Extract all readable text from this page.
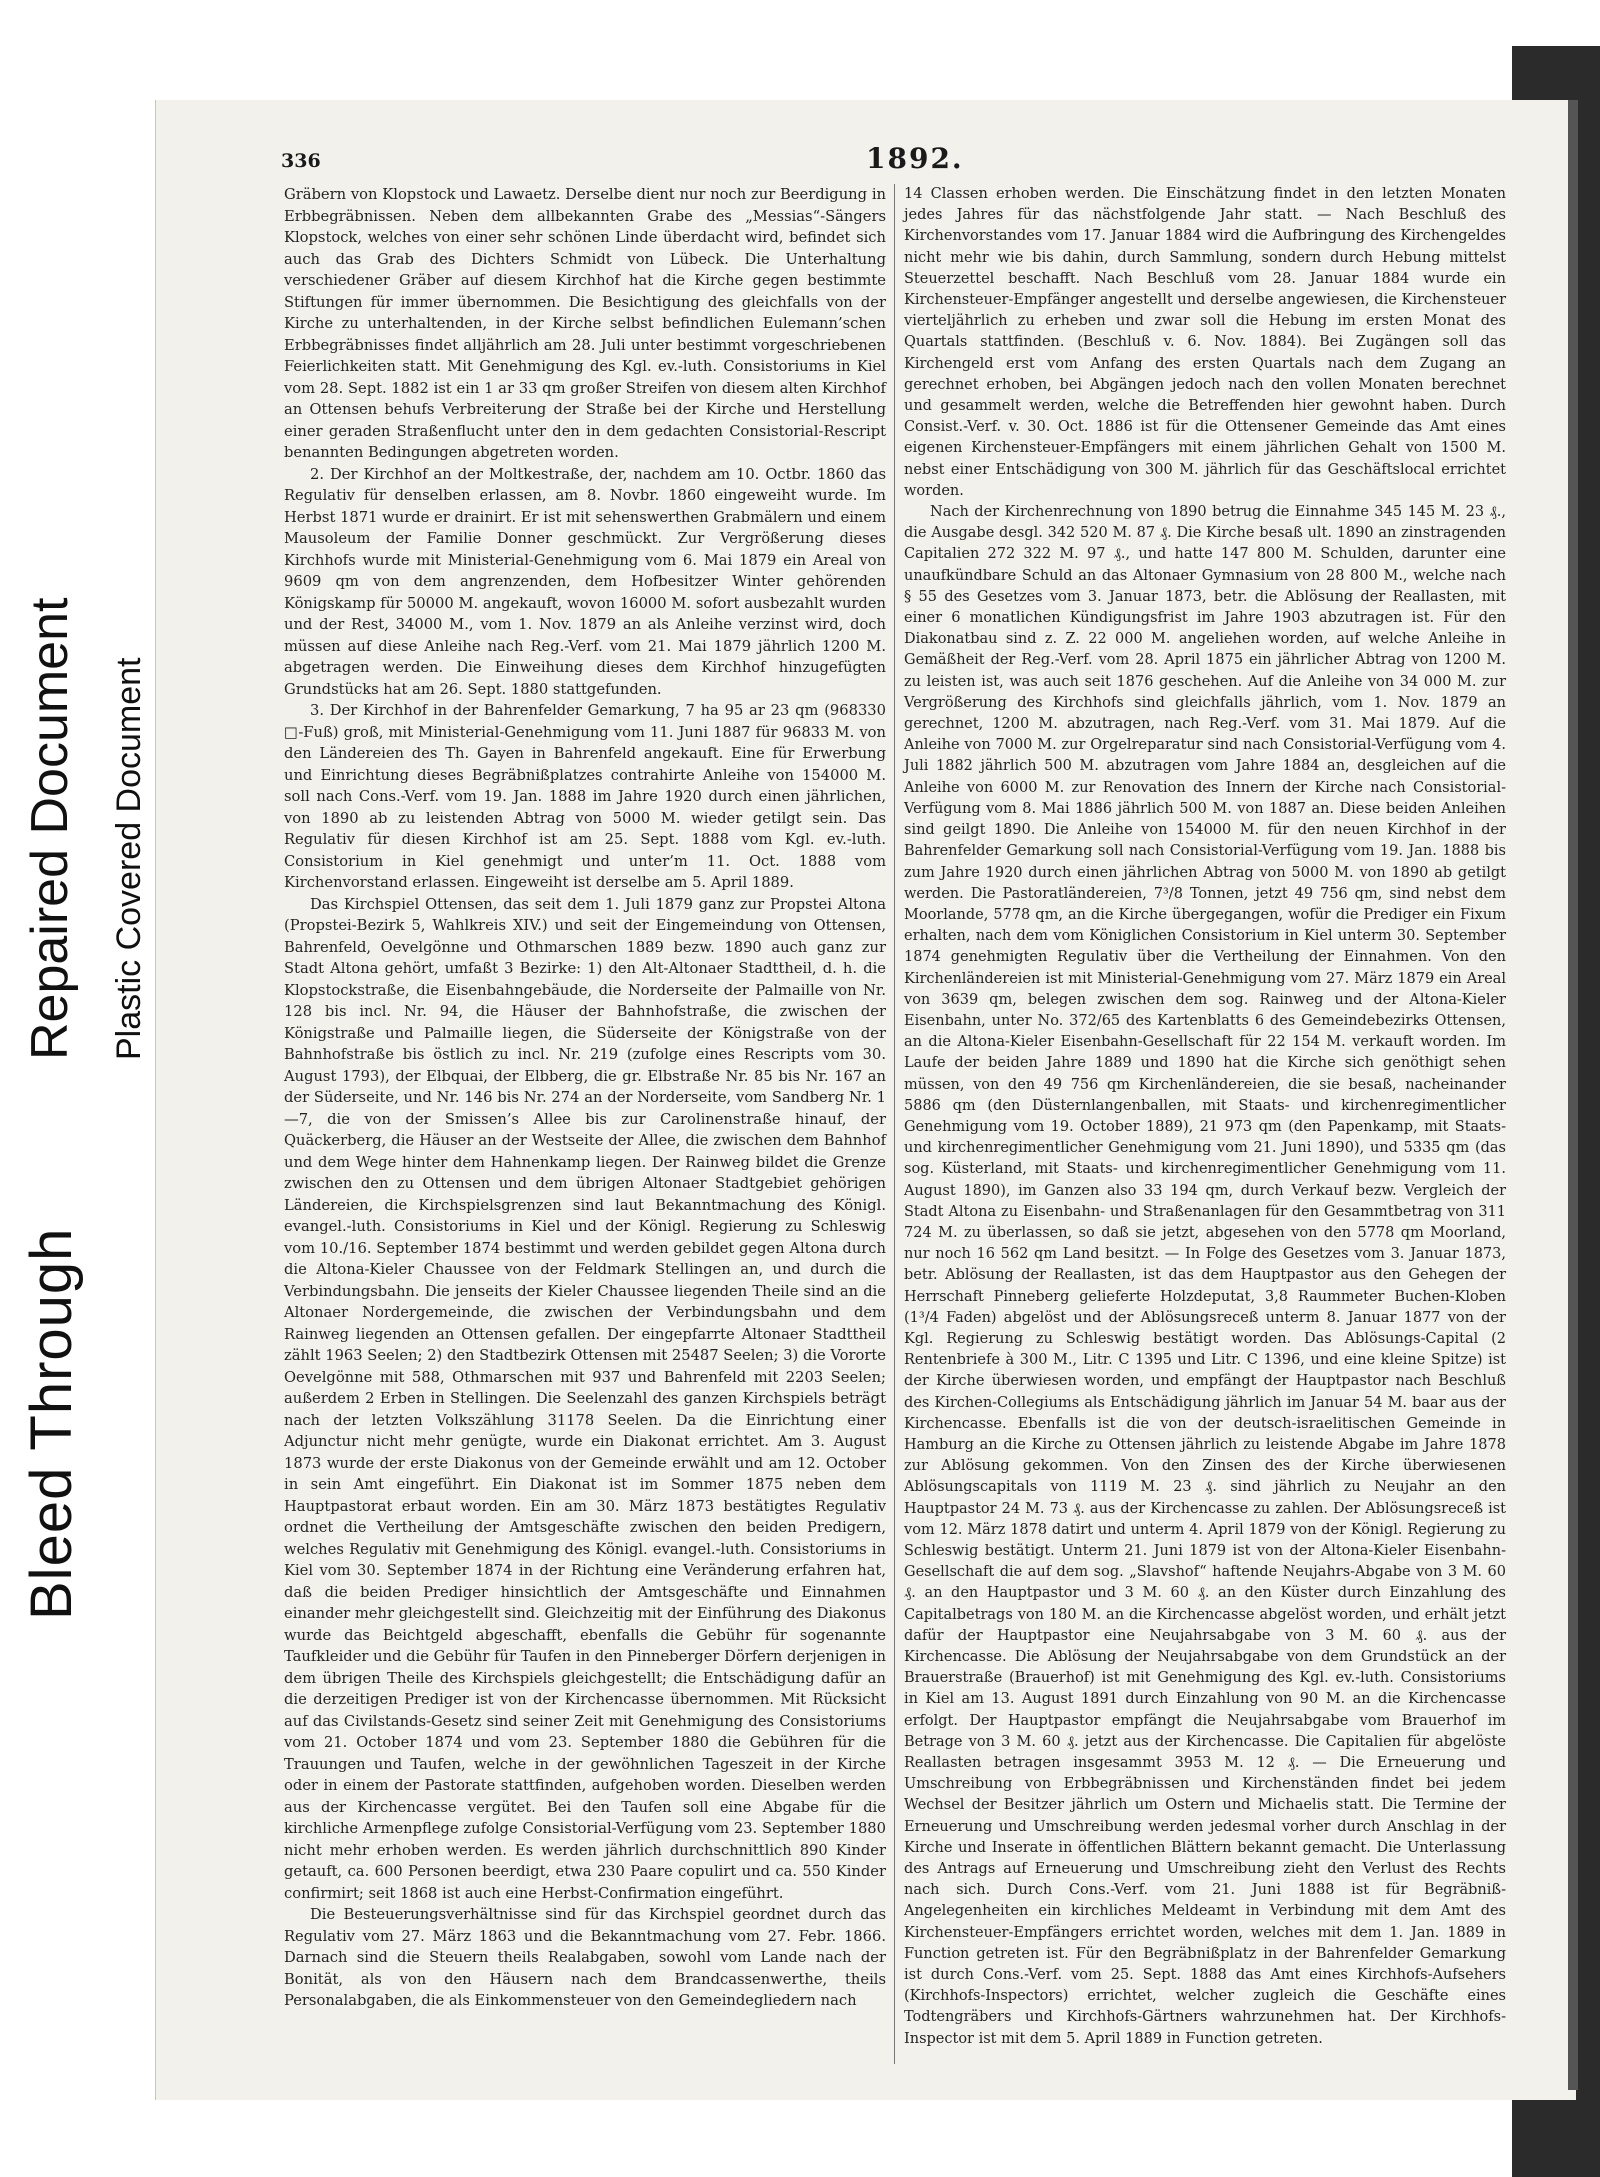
Bleed Through
Repaired Document Plastic Covered Document
336	1892.

Gräbern von Klopstock und Lawaetz. Derselbe dient nur noch zur Beerdigung in Erbbegräbnissen. Neben dem allbekannten Grabe des „Messias“-Sängers Klopstock, welches von einer sehr schönen Linde überdacht wird, befindet sich auch das Grab des Dichters Schmidt von Lübeck. Die Unterhaltung verschiedener Gräber auf diesem Kirchhof hat die Kirche gegen bestimmte Stiftungen für immer übernommen. Die Besichtigung des gleichfalls von der Kirche zu unterhaltenden, in der Kirche selbst befindlichen Eulemann’schen Erbbegräbnisses findet alljährlich am 28. Juli unter bestimmt vorgeschriebenen Feierlichkeiten statt. Mit Genehmigung des Kgl. ev.-luth. Consistoriums in Kiel vom 28. Sept. 1882 ist ein 1 ar 33 qm großer Streifen von diesem alten Kirchhof an Ottensen behufs Verbreiterung der Straße bei der Kirche und Herstellung einer geraden Straßenflucht unter den in dem gedachten Consistorial-Rescript benannten Bedingungen abgetreten worden.

2. Der Kirchhof an der Moltkestraße, der, nachdem am 10. Octbr. 1860 das Regulativ für denselben erlassen, am 8. Novbr. 1860 eingeweiht wurde. Im Herbst 1871 wurde er drainirt. Er ist mit sehenswerthen Grabmälern und einem Mausoleum der Familie Donner geschmückt. Zur Vergrößerung dieses Kirchhofs wurde mit Ministerial-Genehmigung vom 6. Mai 1879 ein Areal von 9609 qm von dem angrenzenden, dem Hofbesitzer Winter gehörenden Königskamp für 50000 M. angekauft, wovon 16000 M. sofort ausbezahlt wurden und der Rest, 34000 M., vom 1. Nov. 1879 an als Anleihe verzinst wird, doch müssen auf diese Anleihe nach Reg.-Verf. vom 21. Mai 1879 jährlich 1200 M. abgetragen werden. Die Einweihung dieses dem Kirchhof hinzugefügten Grundstücks hat am 26. Sept. 1880 stattgefunden.

3. Der Kirchhof in der Bahrenfelder Gemarkung, 7 ha 95 ar 23 qm (968330 □-Fuß) groß, mit Ministerial-Genehmigung vom 11. Juni 1887 für 96833 M. von den Ländereien des Th. Gayen in Bahrenfeld angekauft. Eine für Erwerbung und Einrichtung dieses Begräbnißplatzes contrahirte Anleihe von 154000 M. soll nach Cons.-Verf. vom 19. Jan. 1888 im Jahre 1920 durch einen jährlichen, von 1890 ab zu leistenden Abtrag von 5000 M. wieder getilgt sein. Das Regulativ für diesen Kirchhof ist am 25. Sept. 1888 vom Kgl. ev.-luth. Consistorium in Kiel genehmigt und unter’m 11. Oct. 1888 vom Kirchenvorstand erlassen. Eingeweiht ist derselbe am 5. April 1889.

Das Kirchspiel Ottensen, das seit dem 1. Juli 1879 ganz zur Propstei Altona (Propstei-Bezirk 5, Wahlkreis XIV.) und seit der Eingemeindung von Ottensen, Bahrenfeld, Oevelgönne und Othmarschen 1889 bezw. 1890 auch ganz zur Stadt Altona gehört, umfaßt 3 Bezirke: 1) den Alt-Altonaer Stadttheil, d. h. die Klopstockstraße, die Eisenbahngebäude, die Norderseite der Palmaille von Nr. 128 bis incl. Nr. 94, die Häuser der Bahnhofstraße, die zwischen der Königstraße und Palmaille liegen, die Süderseite der Königstraße von der Bahnhofstraße bis östlich zu incl. Nr. 219 (zufolge eines Rescripts vom 30. August 1793), der Elbquai, der Elbberg, die gr. Elbstraße Nr. 85 bis Nr. 167 an der Süderseite, und Nr. 146 bis Nr. 274 an der Norderseite, vom Sandberg Nr. 1—7, die von der Smissen’s Allee bis zur Carolinenstraße hinauf, der Quäckerberg, die Häuser an der Westseite der Allee, die zwischen dem Bahnhof und dem Wege hinter dem Hahnenkamp liegen. Der Rainweg bildet die Grenze zwischen den zu Ottensen und dem übrigen Altonaer Stadtgebiet gehörigen Ländereien, die Kirchspielsgrenzen sind laut Bekanntmachung des Königl. evangel.-luth. Consistoriums in Kiel und der Königl. Regierung zu Schleswig vom 10./16. September 1874 bestimmt und werden gebildet gegen Altona durch die Altona-Kieler Chaussee von der Feldmark Stellingen an, und durch die Verbindungsbahn. Die jenseits der Kieler Chaussee liegenden Theile sind an die Altonaer Nordergemeinde, die zwischen der Verbindungsbahn und dem Rainweg liegenden an Ottensen gefallen. Der eingepfarrte Altonaer Stadttheil zählt 1963 Seelen; 2) den Stadtbezirk Ottensen mit 25487 Seelen; 3) die Vororte Oevelgönne mit 588, Othmarschen mit 937 und Bahrenfeld mit 2203 Seelen; außerdem 2 Erben in Stellingen. Die Seelenzahl des ganzen Kirchspiels beträgt nach der letzten Volkszählung 31178 Seelen. Da die Einrichtung einer Adjunctur nicht mehr genügte, wurde ein Diakonat errichtet. Am 3. August 1873 wurde der erste Diakonus von der Gemeinde erwählt und am 12. October in sein Amt eingeführt. Ein Diakonat ist im Sommer 1875 neben dem Hauptpastorat erbaut worden. Ein am 30. März 1873 bestätigtes Regulativ ordnet die Vertheilung der Amtsgeschäfte zwischen den beiden Predigern, welches Regulativ mit Genehmigung des Königl. evangel.-luth. Consistoriums in Kiel vom 30. September 1874 in der Richtung eine Veränderung erfahren hat, daß die beiden Prediger hinsichtlich der Amtsgeschäfte und Einnahmen einander mehr gleichgestellt sind. Gleichzeitig mit der Einführung des Diakonus wurde das Beichtgeld abgeschafft, ebenfalls die Gebühr für sogenannte Taufkleider und die Gebühr für Taufen in den Pinneberger Dörfern derjenigen in dem übrigen Theile des Kirchspiels gleichgestellt; die Entschädigung dafür an die derzeitigen Prediger ist von der Kirchencasse übernommen. Mit Rücksicht auf das Civilstands-Gesetz sind seiner Zeit mit Genehmigung des Consistoriums vom 21. October 1874 und vom 23. September 1880 die Gebühren für die Trauungen und Taufen, welche in der gewöhnlichen Tageszeit in der Kirche oder in einem der Pastorate stattfinden, aufgehoben worden. Dieselben werden aus der Kirchencasse vergütet. Bei den Taufen soll eine Abgabe für die kirchliche Armenpflege zufolge Consistorial-Verfügung vom 23. September 1880 nicht mehr erhoben werden. Es werden jährlich durchschnittlich 890 Kinder getauft, ca. 600 Personen beerdigt, etwa 230 Paare copulirt und ca. 550 Kinder confirmirt; seit 1868 ist auch eine Herbst-Confirmation eingeführt.

Die Besteuerungsverhältnisse sind für das Kirchspiel geordnet durch das Regulativ vom 27. März 1863 und die Bekanntmachung vom 27. Febr. 1866. Darnach sind die Steuern theils Realabgaben, sowohl vom Lande nach der Bonität, als von den Häusern nach dem Brandcassenwerthe, theils Personalabgaben, die als Einkommensteuer von den Gemeindegliedern nach

14 Classen erhoben werden. Die Einschätzung findet in den letzten Monaten jedes Jahres für das nächstfolgende Jahr statt. — Nach Beschluß des Kirchenvorstandes vom 17. Januar 1884 wird die Aufbringung des Kirchengeldes nicht mehr wie bis dahin, durch Sammlung, sondern durch Hebung mittelst Steuerzettel beschafft. Nach Beschluß vom 28. Januar 1884 wurde ein Kirchensteuer-Empfänger angestellt und derselbe angewiesen, die Kirchensteuer vierteljährlich zu erheben und zwar soll die Hebung im ersten Monat des Quartals stattfinden. (Beschluß v. 6. Nov. 1884). Bei Zugängen soll das Kirchengeld erst vom Anfang des ersten Quartals nach dem Zugang an gerechnet erhoben, bei Abgängen jedoch nach den vollen Monaten berechnet und gesammelt werden, welche die Betreffenden hier gewohnt haben. Durch Consist.-Verf. v. 30. Oct. 1886 ist für die Ottensener Gemeinde das Amt eines eigenen Kirchensteuer-Empfängers mit einem jährlichen Gehalt von 1500 M. nebst einer Entschädigung von 300 M. jährlich für das Geschäftslocal errichtet worden.

Nach der Kirchenrechnung von 1890 betrug die Einnahme 345 145 M. 23 ₰., die Ausgabe desgl. 342 520 M. 87 ₰. Die Kirche besaß ult. 1890 an zinstragenden Capitalien 272 322 M. 97 ₰., und hatte 147 800 M. Schulden, darunter eine unaufkündbare Schuld an das Altonaer Gymnasium von 28 800 M., welche nach § 55 des Gesetzes vom 3. Januar 1873, betr. die Ablösung der Reallasten, mit einer 6 monatlichen Kündigungsfrist im Jahre 1903 abzutragen ist. Für den Diakonatbau sind z. Z. 22 000 M. angeliehen worden, auf welche Anleihe in Gemäßheit der Reg.-Verf. vom 28. April 1875 ein jährlicher Abtrag von 1200 M. zu leisten ist, was auch seit 1876 geschehen. Auf die Anleihe von 34 000 M. zur Vergrößerung des Kirchhofs sind gleichfalls jährlich, vom 1. Nov. 1879 an gerechnet, 1200 M. abzutragen, nach Reg.-Verf. vom 31. Mai 1879. Auf die Anleihe von 7000 M. zur Orgelreparatur sind nach Consistorial-Verfügung vom 4. Juli 1882 jährlich 500 M. abzutragen vom Jahre 1884 an, desgleichen auf die Anleihe von 6000 M. zur Renovation des Innern der Kirche nach Consistorial-Verfügung vom 8. Mai 1886 jährlich 500 M. von 1887 an. Diese beiden Anleihen sind geilgt 1890. Die Anleihe von 154000 M. für den neuen Kirchhof in der Bahrenfelder Gemarkung soll nach Consistorial-Verfügung vom 19. Jan. 1888 bis zum Jahre 1920 durch einen jährlichen Abtrag von 5000 M. von 1890 ab getilgt werden. Die Pastoratländereien, 7³/8 Tonnen, jetzt 49 756 qm, sind nebst dem Moorlande, 5778 qm, an die Kirche übergegangen, wofür die Prediger ein Fixum erhalten, nach dem vom Königlichen Consistorium in Kiel unterm 30. September 1874 genehmigten Regulativ über die Vertheilung der Einnahmen. Von den Kirchenländereien ist mit Ministerial-Genehmigung vom 27. März 1879 ein Areal von 3639 qm, belegen zwischen dem sog. Rainweg und der Altona-Kieler Eisenbahn, unter No. 372/65 des Kartenblatts 6 des Gemeindebezirks Ottensen, an die Altona-Kieler Eisenbahn-Gesellschaft für 22 154 M. verkauft worden. Im Laufe der beiden Jahre 1889 und 1890 hat die Kirche sich genöthigt sehen müssen, von den 49 756 qm Kirchenländereien, die sie besaß, nacheinander 5886 qm (den Düsternlangenballen, mit Staats- und kirchenregimentlicher Genehmigung vom 19. October 1889), 21 973 qm (den Papenkamp, mit Staats- und kirchenregimentlicher Genehmigung vom 21. Juni 1890), und 5335 qm (das sog. Küsterland, mit Staats- und kirchenregimentlicher Genehmigung vom 11. August 1890), im Ganzen also 33 194 qm, durch Verkauf bezw. Vergleich der Stadt Altona zu Eisenbahn- und Straßenanlagen für den Gesammtbetrag von 311 724 M. zu überlassen, so daß sie jetzt, abgesehen von den 5778 qm Moorland, nur noch 16 562 qm Land besitzt. — In Folge des Gesetzes vom 3. Januar 1873, betr. Ablösung der Reallasten, ist das dem Hauptpastor aus den Gehegen der Herrschaft Pinneberg gelieferte Holzdeputat, 3,8 Raummeter Buchen-Kloben (1³/4 Faden) abgelöst und der Ablösungsreceß unterm 8. Januar 1877 von der Kgl. Regierung zu Schleswig bestätigt worden. Das Ablösungs-Capital (2 Rentenbriefe à 300 M., Litr. C 1395 und Litr. C 1396, und eine kleine Spitze) ist der Kirche überwiesen worden, und empfängt der Hauptpastor nach Beschluß des Kirchen-Collegiums als Entschädigung jährlich im Januar 54 M. baar aus der Kirchencasse. Ebenfalls ist die von der deutsch-israelitischen Gemeinde in Hamburg an die Kirche zu Ottensen jährlich zu leistende Abgabe im Jahre 1878 zur Ablösung gekommen. Von den Zinsen des der Kirche überwiesenen Ablösungscapitals von 1119 M. 23 ₰. sind jährlich zu Neujahr an den Hauptpastor 24 M. 73 ₰. aus der Kirchencasse zu zahlen. Der Ablösungsreceß ist vom 12. März 1878 datirt und unterm 4. April 1879 von der Königl. Regierung zu Schleswig bestätigt. Unterm 21. Juni 1879 ist von der Altona-Kieler Eisenbahn-Gesellschaft die auf dem sog. „Slavshof“ haftende Neujahrs-Abgabe von 3 M. 60 ₰. an den Hauptpastor und 3 M. 60 ₰. an den Küster durch Einzahlung des Capitalbetrags von 180 M. an die Kirchencasse abgelöst worden, und erhält jetzt dafür der Hauptpastor eine Neujahrsabgabe von 3 M. 60 ₰. aus der Kirchencasse. Die Ablösung der Neujahrsabgabe von dem Grundstück an der Brauerstraße (Brauerhof) ist mit Genehmigung des Kgl. ev.-luth. Consistoriums in Kiel am 13. August 1891 durch Einzahlung von 90 M. an die Kirchencasse erfolgt. Der Hauptpastor empfängt die Neujahrsabgabe vom Brauerhof im Betrage von 3 M. 60 ₰. jetzt aus der Kirchencasse. Die Capitalien für abgelöste Reallasten betragen insgesammt 3953 M. 12 ₰. — Die Erneuerung und Umschreibung von Erbbegräbnissen und Kirchenständen findet bei jedem Wechsel der Besitzer jährlich um Ostern und Michaelis statt. Die Termine der Erneuerung und Umschreibung werden jedesmal vorher durch Anschlag in der Kirche und Inserate in öffentlichen Blättern bekannt gemacht. Die Unterlassung des Antrags auf Erneuerung und Umschreibung zieht den Verlust des Rechts nach sich. Durch Cons.-Verf. vom 21. Juni 1888 ist für Begräbniß-Angelegenheiten ein kirchliches Meldeamt in Verbindung mit dem Amt des Kirchensteuer-Empfängers errichtet worden, welches mit dem 1. Jan. 1889 in Function getreten ist. Für den Begräbnißplatz in der Bahrenfelder Gemarkung ist durch Cons.-Verf. vom 25. Sept. 1888 das Amt eines Kirchhofs-Aufsehers (Kirchhofs-Inspectors) errichtet, welcher zugleich die Geschäfte eines Todtengräbers und Kirchhofs-Gärtners wahrzunehmen hat. Der Kirchhofs-Inspector ist mit dem 5. April 1889 in Function getreten.
